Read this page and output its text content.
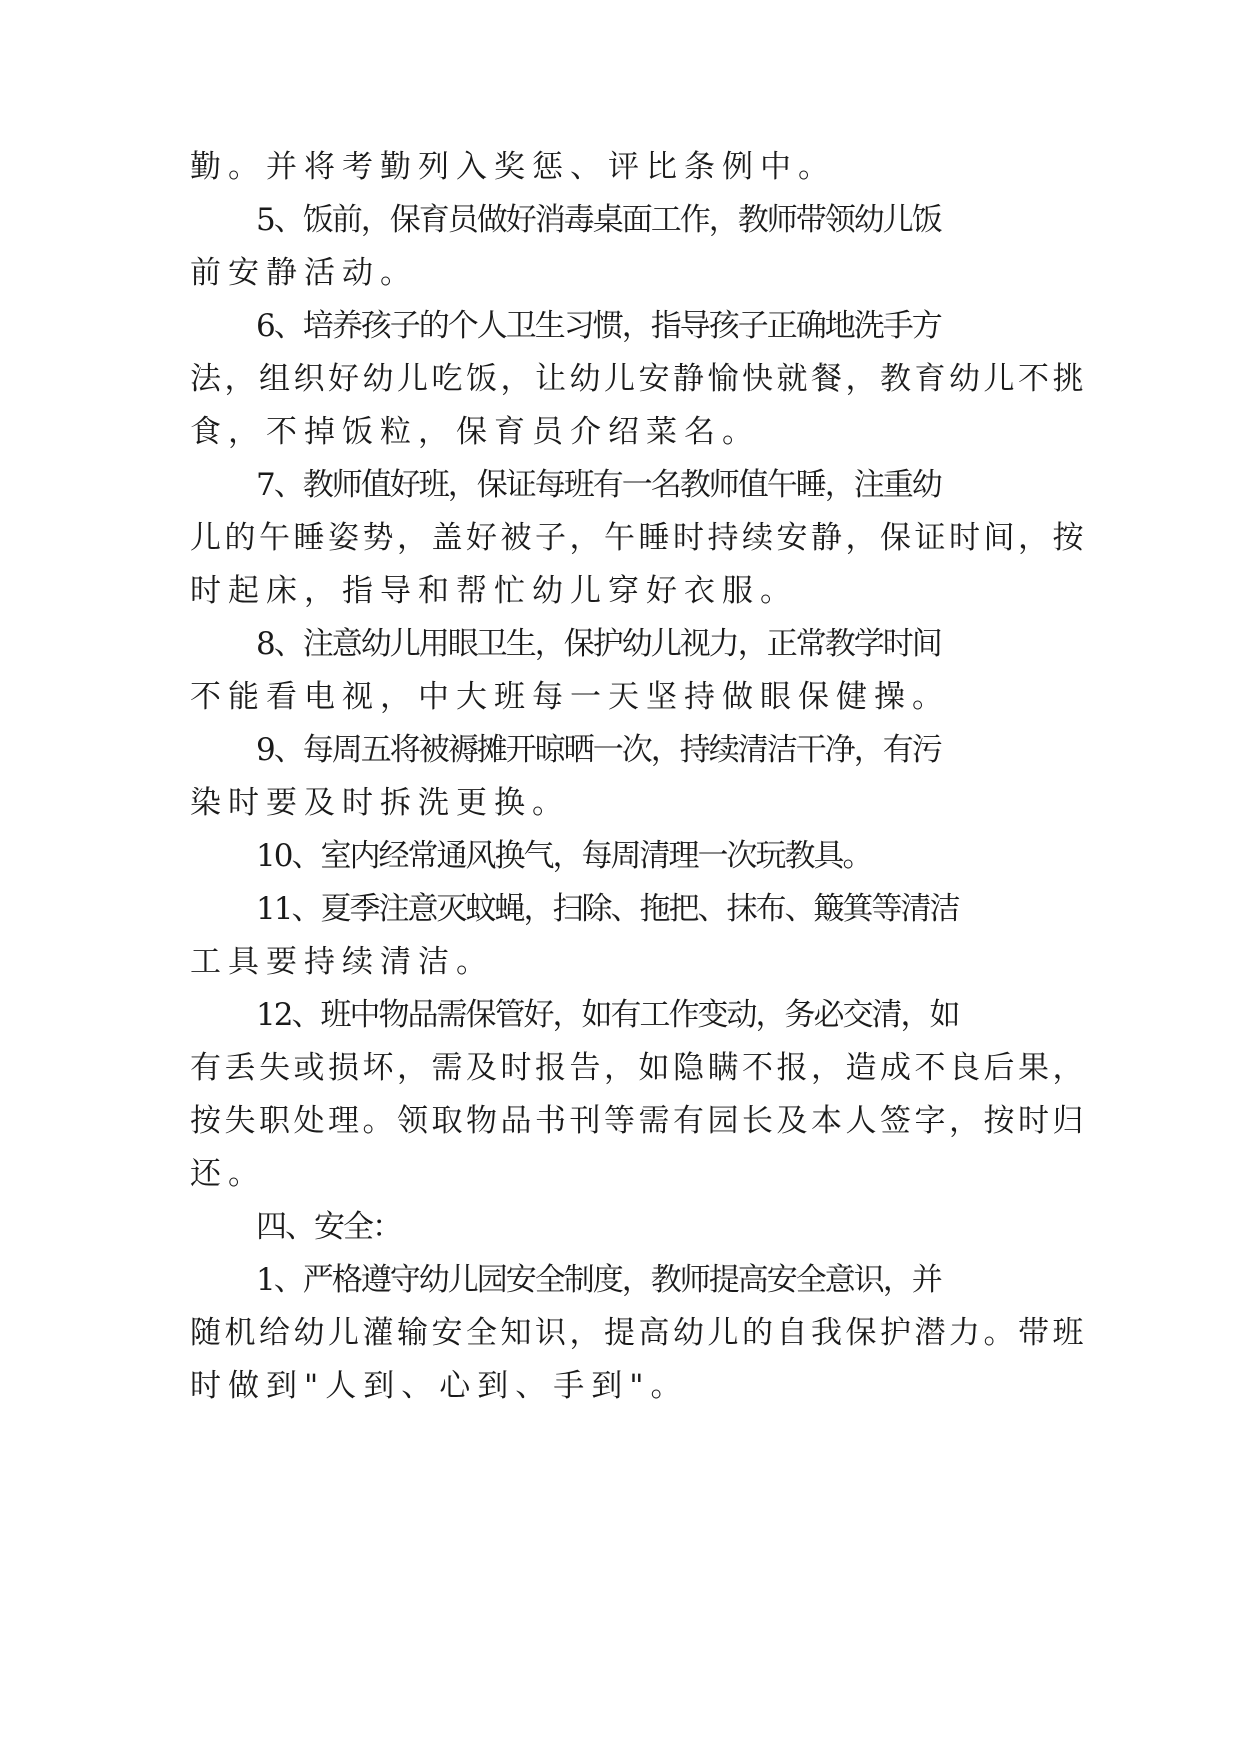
勤。并将考勤列入奖惩、评比条例中。

5、饭前，保育员做好消毒桌面工作，教师带领幼儿饭

前安静活动。

6、培养孩子的个人卫生习惯，指导孩子正确地洗手方

法，组织好幼儿吃饭，让幼儿安静愉快就餐，教育幼儿不挑

食，不掉饭粒，保育员介绍菜名。

7、教师值好班，保证每班有一名教师值午睡，注重幼

儿的午睡姿势，盖好被子，午睡时持续安静，保证时间，按

时起床，指导和帮忙幼儿穿好衣服。

8、注意幼儿用眼卫生，保护幼儿视力，正常教学时间

不能看电视，中大班每一天坚持做眼保健操。

9、每周五将被褥摊开晾晒一次，持续清洁干净，有污

染时要及时拆洗更换。

10、室内经常通风换气，每周清理一次玩教具。

11、夏季注意灭蚊蝇，扫除、拖把、抹布、簸箕等清洁

工具要持续清洁。

12、班中物品需保管好，如有工作变动，务必交清，如

有丢失或损坏，需及时报告，如隐瞒不报，造成不良后果，

按失职处理。领取物品书刊等需有园长及本人签字，按时归

还。

四、安全：

1、严格遵守幼儿园安全制度，教师提高安全意识，并

随机给幼儿灌输安全知识，提高幼儿的自我保护潜力。带班

时做到"人到、心到、手到"。
